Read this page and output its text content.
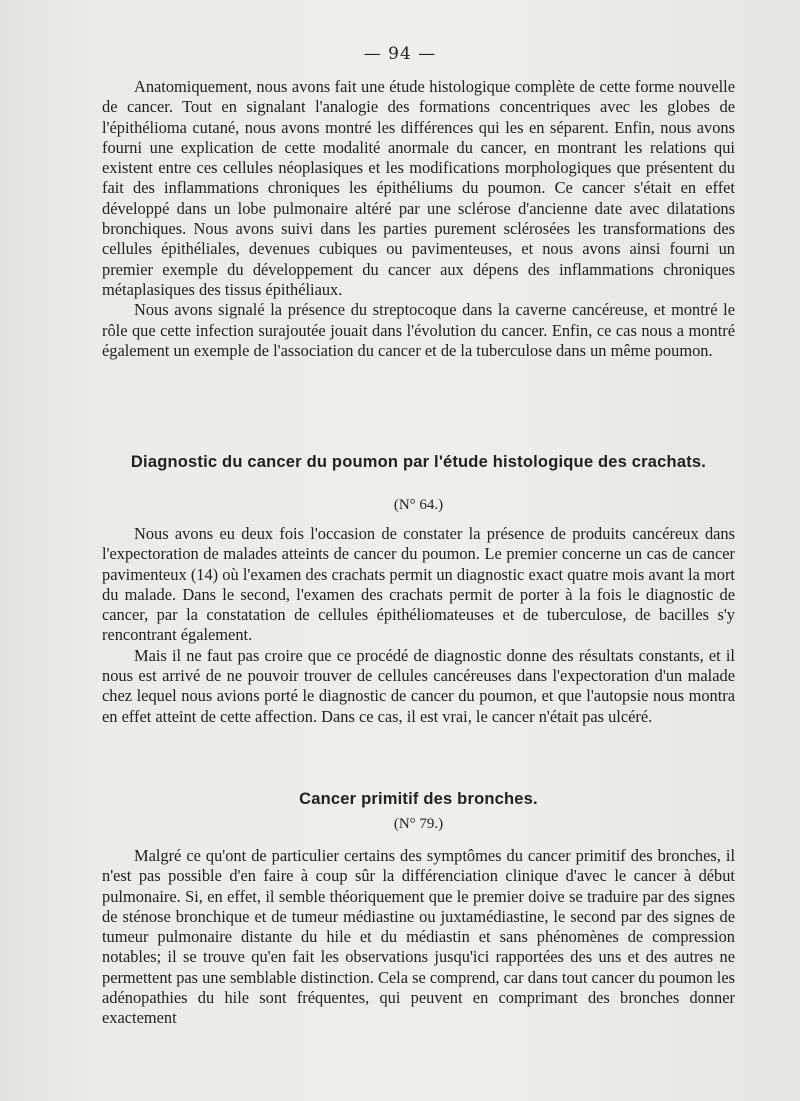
— 94 —

Anatomiquement, nous avons fait une étude histologique complète de cette forme nouvelle de cancer. Tout en signalant l'analogie des formations concentriques avec les globes de l'épithélioma cutané, nous avons montré les différences qui les en séparent. Enfin, nous avons fourni une explication de cette modalité anormale du cancer, en montrant les relations qui existent entre ces cellules néoplasiques et les modifications morphologiques que présentent du fait des inflammations chroniques les épithéliums du poumon. Ce cancer s'était en effet développé dans un lobe pulmonaire altéré par une sclérose d'ancienne date avec dilatations bronchiques. Nous avons suivi dans les parties purement sclérosées les transformations des cellules épithéliales, devenues cubiques ou pavimenteuses, et nous avons ainsi fourni un premier exemple du développement du cancer aux dépens des inflammations chroniques métaplasiques des tissus épithéliaux.

Nous avons signalé la présence du streptocoque dans la caverne cancéreuse, et montré le rôle que cette infection surajoutée jouait dans l'évolution du cancer. Enfin, ce cas nous a montré également un exemple de l'association du cancer et de la tuberculose dans un même poumon.

Diagnostic du cancer du poumon par l'étude histologique des crachats.
(N° 64.)

Nous avons eu deux fois l'occasion de constater la présence de produits cancéreux dans l'expectoration de malades atteints de cancer du poumon. Le premier concerne un cas de cancer pavimenteux (14) où l'examen des crachats permit un diagnostic exact quatre mois avant la mort du malade. Dans le second, l'examen des crachats permit de porter à la fois le diagnostic de cancer, par la constatation de cellules épithéliomateuses et de tuberculose, de bacilles s'y rencontrant également.

Mais il ne faut pas croire que ce procédé de diagnostic donne des résultats constants, et il nous est arrivé de ne pouvoir trouver de cellules cancéreuses dans l'expectoration d'un malade chez lequel nous avions porté le diagnostic de cancer du poumon, et que l'autopsie nous montra en effet atteint de cette affection. Dans ce cas, il est vrai, le cancer n'était pas ulcéré.

Cancer primitif des bronches.
(N° 79.)

Malgré ce qu'ont de particulier certains des symptômes du cancer primitif des bronches, il n'est pas possible d'en faire à coup sûr la différenciation clinique d'avec le cancer à début pulmonaire. Si, en effet, il semble théoriquement que le premier doive se traduire par des signes de sténose bronchique et de tumeur médiastine ou juxtamédiastine, le second par des signes de tumeur pulmonaire distante du hile et du médiastin et sans phénomènes de compression notables; il se trouve qu'en fait les observations jusqu'ici rapportées des uns et des autres ne permettent pas une semblable distinction. Cela se comprend, car dans tout cancer du poumon les adénopathies du hile sont fréquentes, qui peuvent en comprimant des bronches donner exactement
